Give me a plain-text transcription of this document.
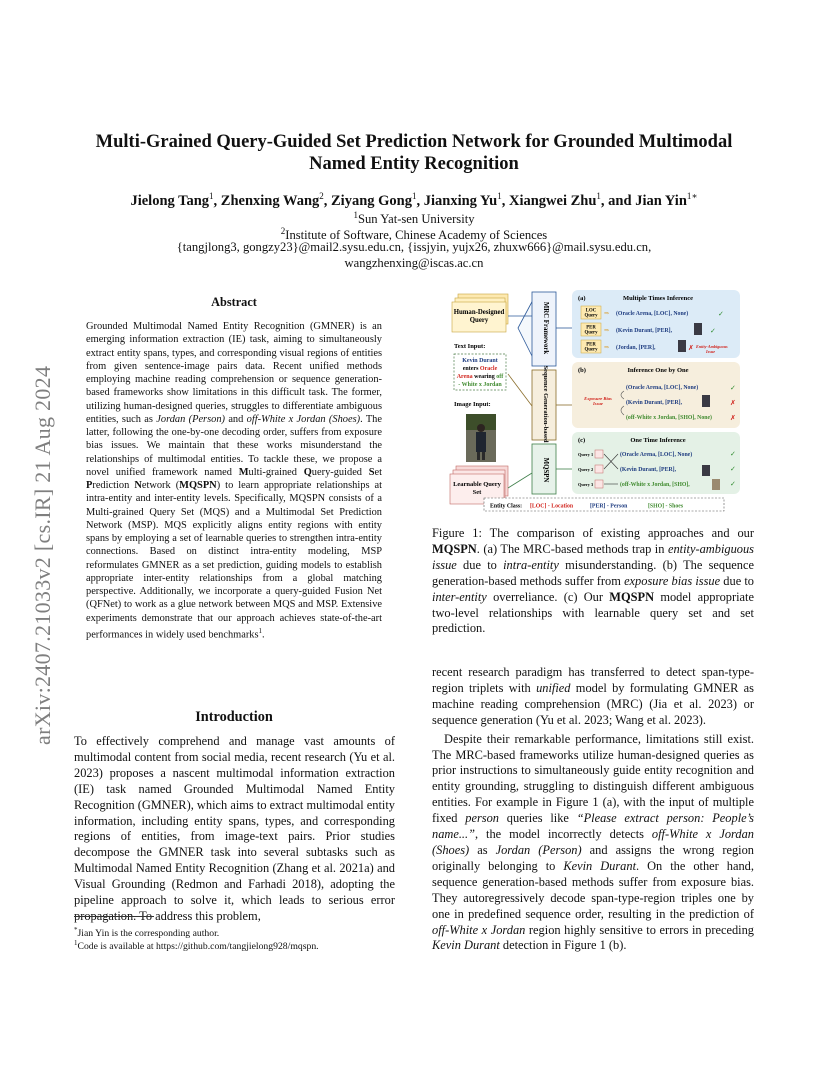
arXiv:2407.21033v2 [cs.IR] 21 Aug 2024
Multi-Grained Query-Guided Set Prediction Network for Grounded Multimodal
Named Entity Recognition
Jielong Tang$^1$, Zhenxing Wang$^2$, Ziyang Gong$^1$, Jianxing Yu$^1$, Xiangwei Zhu$^1$, and Jian Yin$^{1∗}$
$^1$Sun Yat-sen University
$^2$Institute of Software, Chinese Academy of Sciences
{tangjlong3, gongzy23}@mail2.sysu.edu.cn, {issjyin, yujx26, zhuxw666}@mail.sysu.edu.cn,
wangzhenxing@iscas.ac.cn
Abstract
Grounded Multimodal Named Entity Recognition (GMNER) is an emerging information extraction (IE) task, aiming to simultaneously extract entity spans, types, and corresponding visual regions of entities from given sentence-image pairs data. Recent unified methods employing machine reading comprehension or sequence generation-based frameworks show limitations in this difficult task. The former, utilizing human-designed queries, struggles to differentiate ambiguous entities, such as Jordan (Person) and off-White x Jordan (Shoes). The latter, following the one-by-one decoding order, suffers from exposure bias issues. We maintain that these works misunderstand the relationships of multimodal entities. To tackle these, we propose a novel unified framework named Multi-grained Query-guided Set Prediction Network (MQSPN) to learn appropriate relationships at intra-entity and inter-entity levels. Specifically, MQSPN consists of a Multi-grained Query Set (MQS) and a Multimodal Set Prediction Network (MSP). MQS explicitly aligns entity regions with entity spans by employing a set of learnable queries to strengthen intra-entity connections. Based on distinct intra-entity modeling, MSP reformulates GMNER as a set prediction, guiding models to establish appropriate inter-entity relationships from a global matching perspective. Additionally, we incorporate a query-guided Fusion Net (QFNet) to work as a glue network between MQS and MSP. Extensive experiments demonstrate that our approach achieves state-of-the-art performances in widely used benchmarks$^1$.
Introduction
To effectively comprehend and manage vast amounts of multimodal content from social media, recent research (Yu et al. 2023) proposes a nascent multimodal information extraction (IE) task named Grounded Multimodal Named Entity Recognition (GMNER), which aims to extract multimodal entity information, including entity spans, types, and corresponding regions of entities, from image-text pairs. Prior studies decompose the GMNER task into several subtasks such as Multimodal Named Entity Recognition (Zhang et al. 2021a) and Visual Grounding (Redmon and Farhadi 2018), adopting the pipeline approach to solve it, which leads to serious error propagation. To address this problem,
*Jian Yin is the corresponding author.
$^1$Code is available at https://github.com/tangjielong928/mqspn.
Human-Designed Query
Text Input:
Kevin Durant
enters Oracle
Arena wearing off
- White x Jordan
Image Input:
Learnable Query Set
MRC Framework
Sequence Generation-based
MQSPN
(a)	Multiple Times Inference
LOC Query
PER Query
PER Query
⇒
⇒
⇒
(Oracle Arena, [LOC], None)
(Kevin Durant, [PER],
(Jordan, [PER],
✓
✓
✗ Entity-Ambiguous Issue
(b)	Inference One by One
Exposure Bias Issue
(Oracle Arena, [LOC], None)
(Kevin Durant, [PER],
(off-White x Jordan, [SHO], None)
✓
✗
✗
(c)	One Time Inference
Query 1
Query 2
Query 3
(Oracle Arena, [LOC], None)
(Kevin Durant, [PER],
(off-White x Jordan, [SHO],
✓
✓
✓
Entity Class: [LOC] - Location	[PER] - Person	[SHO] - Shoes
Figure 1: The comparison of existing approaches and our MQSPN. (a) The MRC-based methods trap in entity-ambiguous issue due to intra-entity misunderstanding. (b) The sequence generation-based methods suffer from exposure bias issue due to inter-entity overreliance. (c) Our MQSPN model appropriate two-level relationships with learnable query set and set prediction.

recent research paradigm has transferred to detect span-type-region triplets with unified model by formulating GMNER as machine reading comprehension (MRC) (Jia et al. 2023) or sequence generation (Yu et al. 2023; Wang et al. 2023).

Despite their remarkable performance, limitations still exist. The MRC-based frameworks utilize human-designed queries as prior instructions to simultaneously guide entity recognition and entity grounding, struggling to distinguish different ambiguous entities. For example in Figure 1 (a), with the input of multiple fixed person queries like “Please extract person: People’s name...”, the model incorrectly detects off-White x Jordan (Shoes) as Jordan (Person) and assigns the wrong region originally belonging to Kevin Durant. On the other hand, sequence generation-based methods suffer from exposure bias. They autoregressively decode span-type-region triples one by one in predefined sequence order, resulting in the prediction of off-White x Jordan region highly sensitive to errors in preceding Kevin Durant detection in Figure 1 (b).
